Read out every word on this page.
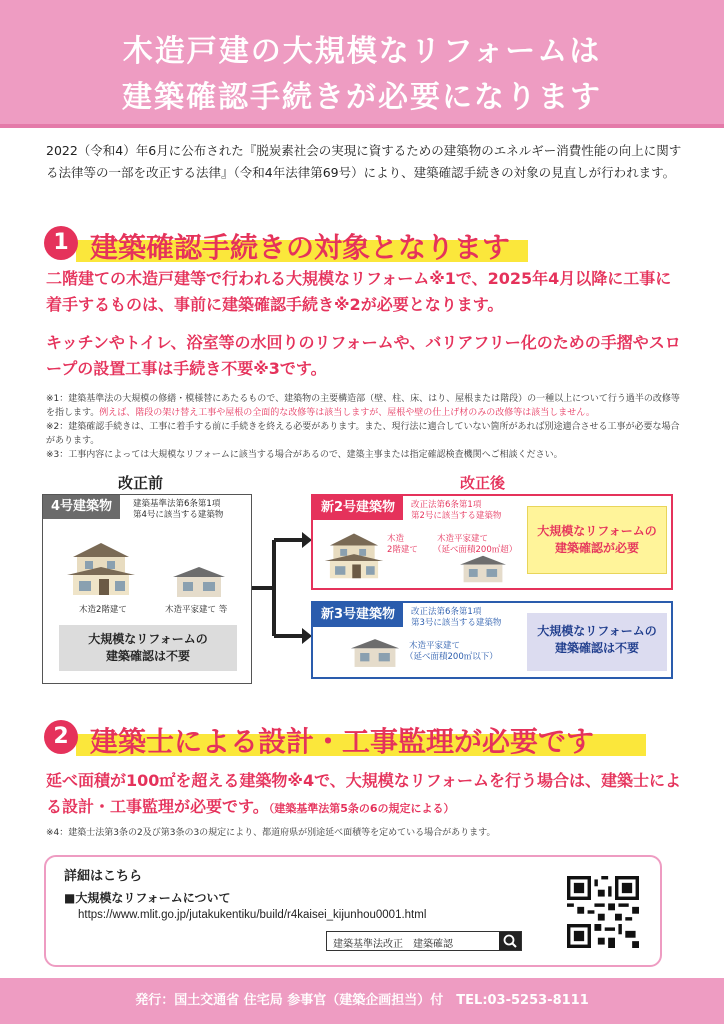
木造戸建の大規模なリフォームは
建築確認手続きが必要になります
2022（令和4）年6月に公布された『脱炭素社会の実現に資するための建築物のエネルギー消費性能の向上に関する法律等の一部を改正する法律』（令和4年法律第69号）により、建築確認手続きの対象の見直しが行われます。
1 建築確認手続きの対象となります
二階建ての木造戸建等で行われる大規模なリフォーム※1で、2025年4月以降に工事に着手するものは、事前に建築確認手続き※2が必要となります。
キッチンやトイレ、浴室等の水回りのリフォームや、バリアフリー化のための手摺やスロープの設置工事は手続き不要※3です。
※1：建築基準法の大規模の修繕・模様替にあたるもので、建築物の主要構造部（壁、柱、床、はり、屋根または階段）の一種以上について行う過半の改修等を指します。例えば、階段の架け替え工事や屋根の全面的な改修等は該当しますが、屋根や壁の仕上げ材のみの改修等は該当しません。
※2：建築確認手続きは、工事に着手する前に手続きを終える必要があります。また、現行法に適合していない箇所があれば別途適合させる工事が必要な場合があります。
※3：工事内容によっては大規模なリフォームに該当する場合があるので、建築主事または指定確認検査機関へご相談ください。
改正前	改正後
4号建築物	建築基準法第6条第1項
第4号に該当する建築物
木造2階建て	木造平家建て 等
大規模なリフォームの
建築確認は不要
新2号建築物	改正法第6条第1項
第2号に該当する建築物
木造
2階建て
木造平家建て
（延べ面積200㎡超）
大規模なリフォームの
建築確認が必要
新3号建築物	改正法第6条第1項
第3号に該当する建築物
木造平家建て
（延べ面積200㎡以下）
大規模なリフォームの
建築確認は不要
2 建築士による設計・工事監理が必要です
延べ面積が100㎡を超える建築物※4で、大規模なリフォームを行う場合は、建築士による設計・工事監理が必要です。（建築基準法第5条の6の規定による）
※4：建築士法第3条の2及び第3条の3の規定により、都道府県が別途延べ面積等を定めている場合があります。
詳細はこちら
■大規模なリフォームについて
https://www.mlit.go.jp/jutakukentiku/build/r4kaisei_kijunhou0001.html
建築基準法改正　建築確認
発行：国土交通省 住宅局 参事官（建築企画担当）付　TEL:03-5253-8111
